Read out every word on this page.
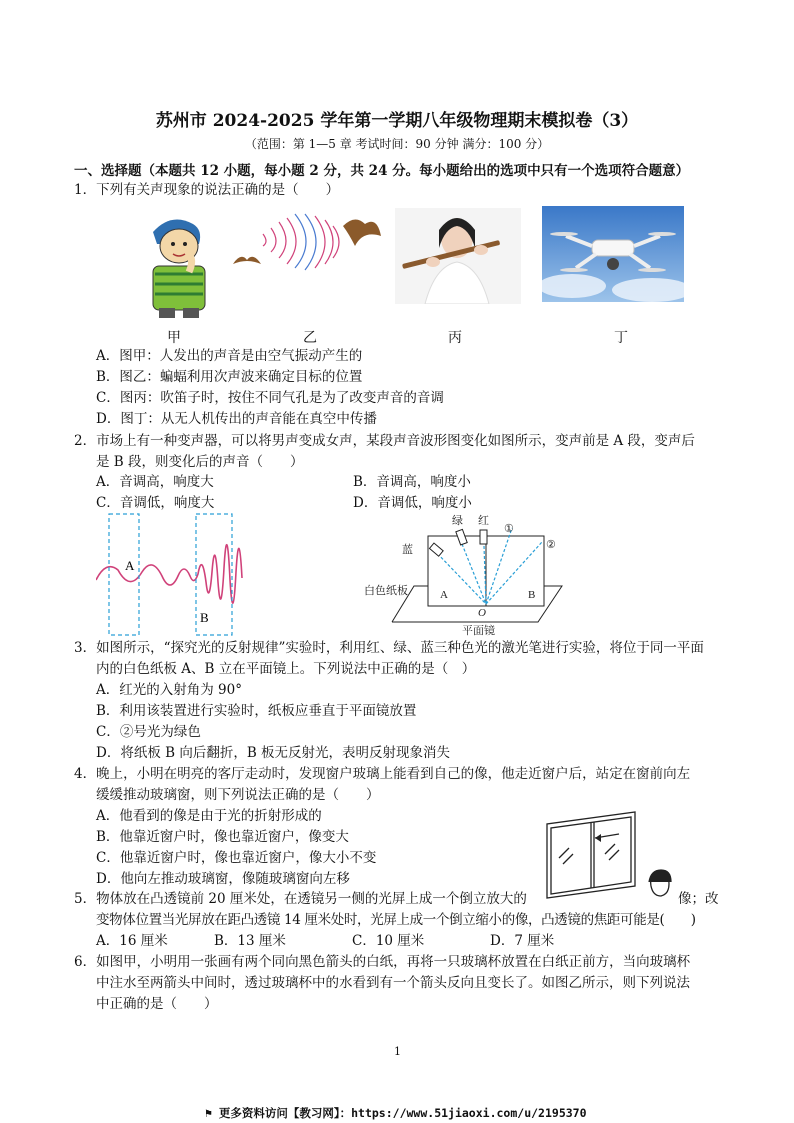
苏州市 2024-2025 学年第一学期八年级物理期末模拟卷（3）
（范围：第 1—5 章 考试时间：90 分钟 满分：100 分）
一、选择题（本题共 12 小题，每小题 2 分，共 24 分。每小题给出的选项中只有一个选项符合题意）
1．下列有关声现象的说法正确的是（　　）
甲	乙	丙	丁
A．图甲：人发出的声音是由空气振动产生的
B．图乙：蝙蝠利用次声波来确定目标的位置
C．图丙：吹笛子时，按住不同气孔是为了改变声音的音调
D．图丁：从无人机传出的声音能在真空中传播
2．市场上有一种变声器，可以将男声变成女声，某段声音波形图变化如图所示，变声前是 A 段，变声后
是 B 段，则变化后的声音（　　）
A．音调高，响度大	B．音调高，响度小
C．音调低，响度大	D．音调低，响度小
A
B
绿 红
①
②
蓝
白色纸板	A	B
O
平面镜
3．如图所示，“探究光的反射规律”实验时，利用红、绿、蓝三种色光的激光笔进行实验，将位于同一平面
内的白色纸板 A、B 立在平面镜上。下列说法中正确的是（　）
A．红光的入射角为 90°
B．利用该装置进行实验时，纸板应垂直于平面镜放置
C．②号光为绿色
D．将纸板 B 向后翻折，B 板无反射光，表明反射现象消失
4．晚上，小明在明亮的客厅走动时，发现窗户玻璃上能看到自己的像，他走近窗户后，站定在窗前向左
缓缓推动玻璃窗，则下列说法正确的是（　　）
A．他看到的像是由于光的折射形成的
B．他靠近窗户时，像也靠近窗户，像变大
C．他靠近窗户时，像也靠近窗户，像大小不变
D．他向左推动玻璃窗，像随玻璃窗向左移
5．物体放在凸透镜前 20 厘米处，在透镜另一侧的光屏上成一个倒立放大的	像；改
变物体位置当光屏放在距凸透镜 14 厘米处时，光屏上成一个倒立缩小的像，凸透镜的焦距可能是(　　)
A．16 厘米	B．13 厘米	C．10 厘米	D．7 厘米
6．如图甲，小明用一张画有两个同向黑色箭头的白纸，再将一只玻璃杯放置在白纸正前方，当向玻璃杯
中注水至两箭头中间时，透过玻璃杯中的水看到有一个箭头反向且变长了。如图乙所示，则下列说法
中正确的是（　　）
1
⚑ 更多资料访问【教习网】：https://www.51jiaoxi.com/u/2195370
